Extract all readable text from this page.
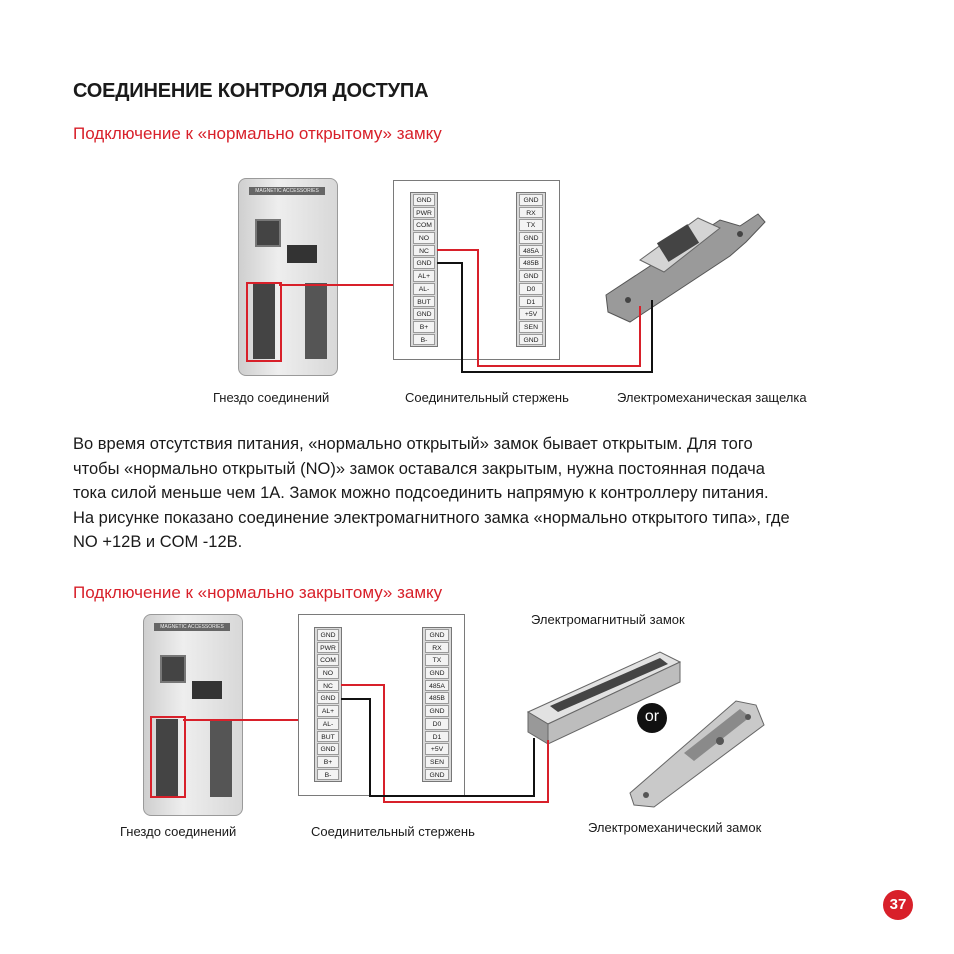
СОЕДИНЕНИЕ КОНТРОЛЯ ДОСТУПА
Подключение к «нормально открытому» замку
MAGNETIC ACCESSORIES
GND
PWR
COM
NO
NC
GND
AL+
AL-
BUT
GND
B+
B-
GND
RX
TX
GND
485A
485B
GND
D0
D1
+5V
SEN
GND
Гнездо соединений	Соединительный стержень	Электромеханическая защелка
Во время отсутствия питания, «нормально открытый» замок бывает открытым. Для того
чтобы «нормально открытый (NO)» замок оставался закрытым, нужна постоянная подача
тока силой меньше чем 1А. Замок можно подсоединить напрямую к контроллеру питания.
На рисунке показано соединение электромагнитного замка «нормально открытого типа», где
NO +12В и COM -12В.
Подключение к «нормально закрытому» замку
MAGNETIC ACCESSORIES
GND
PWR
COM
NO
NC
GND
AL+
AL-
BUT
GND
B+
B-
GND
RX
TX
GND
485A
485B
GND
D0
D1
+5V
SEN
GND
or
Гнездо соединений	Соединительный стержень
Электромагнитный замок
Электромеханический замок
37
